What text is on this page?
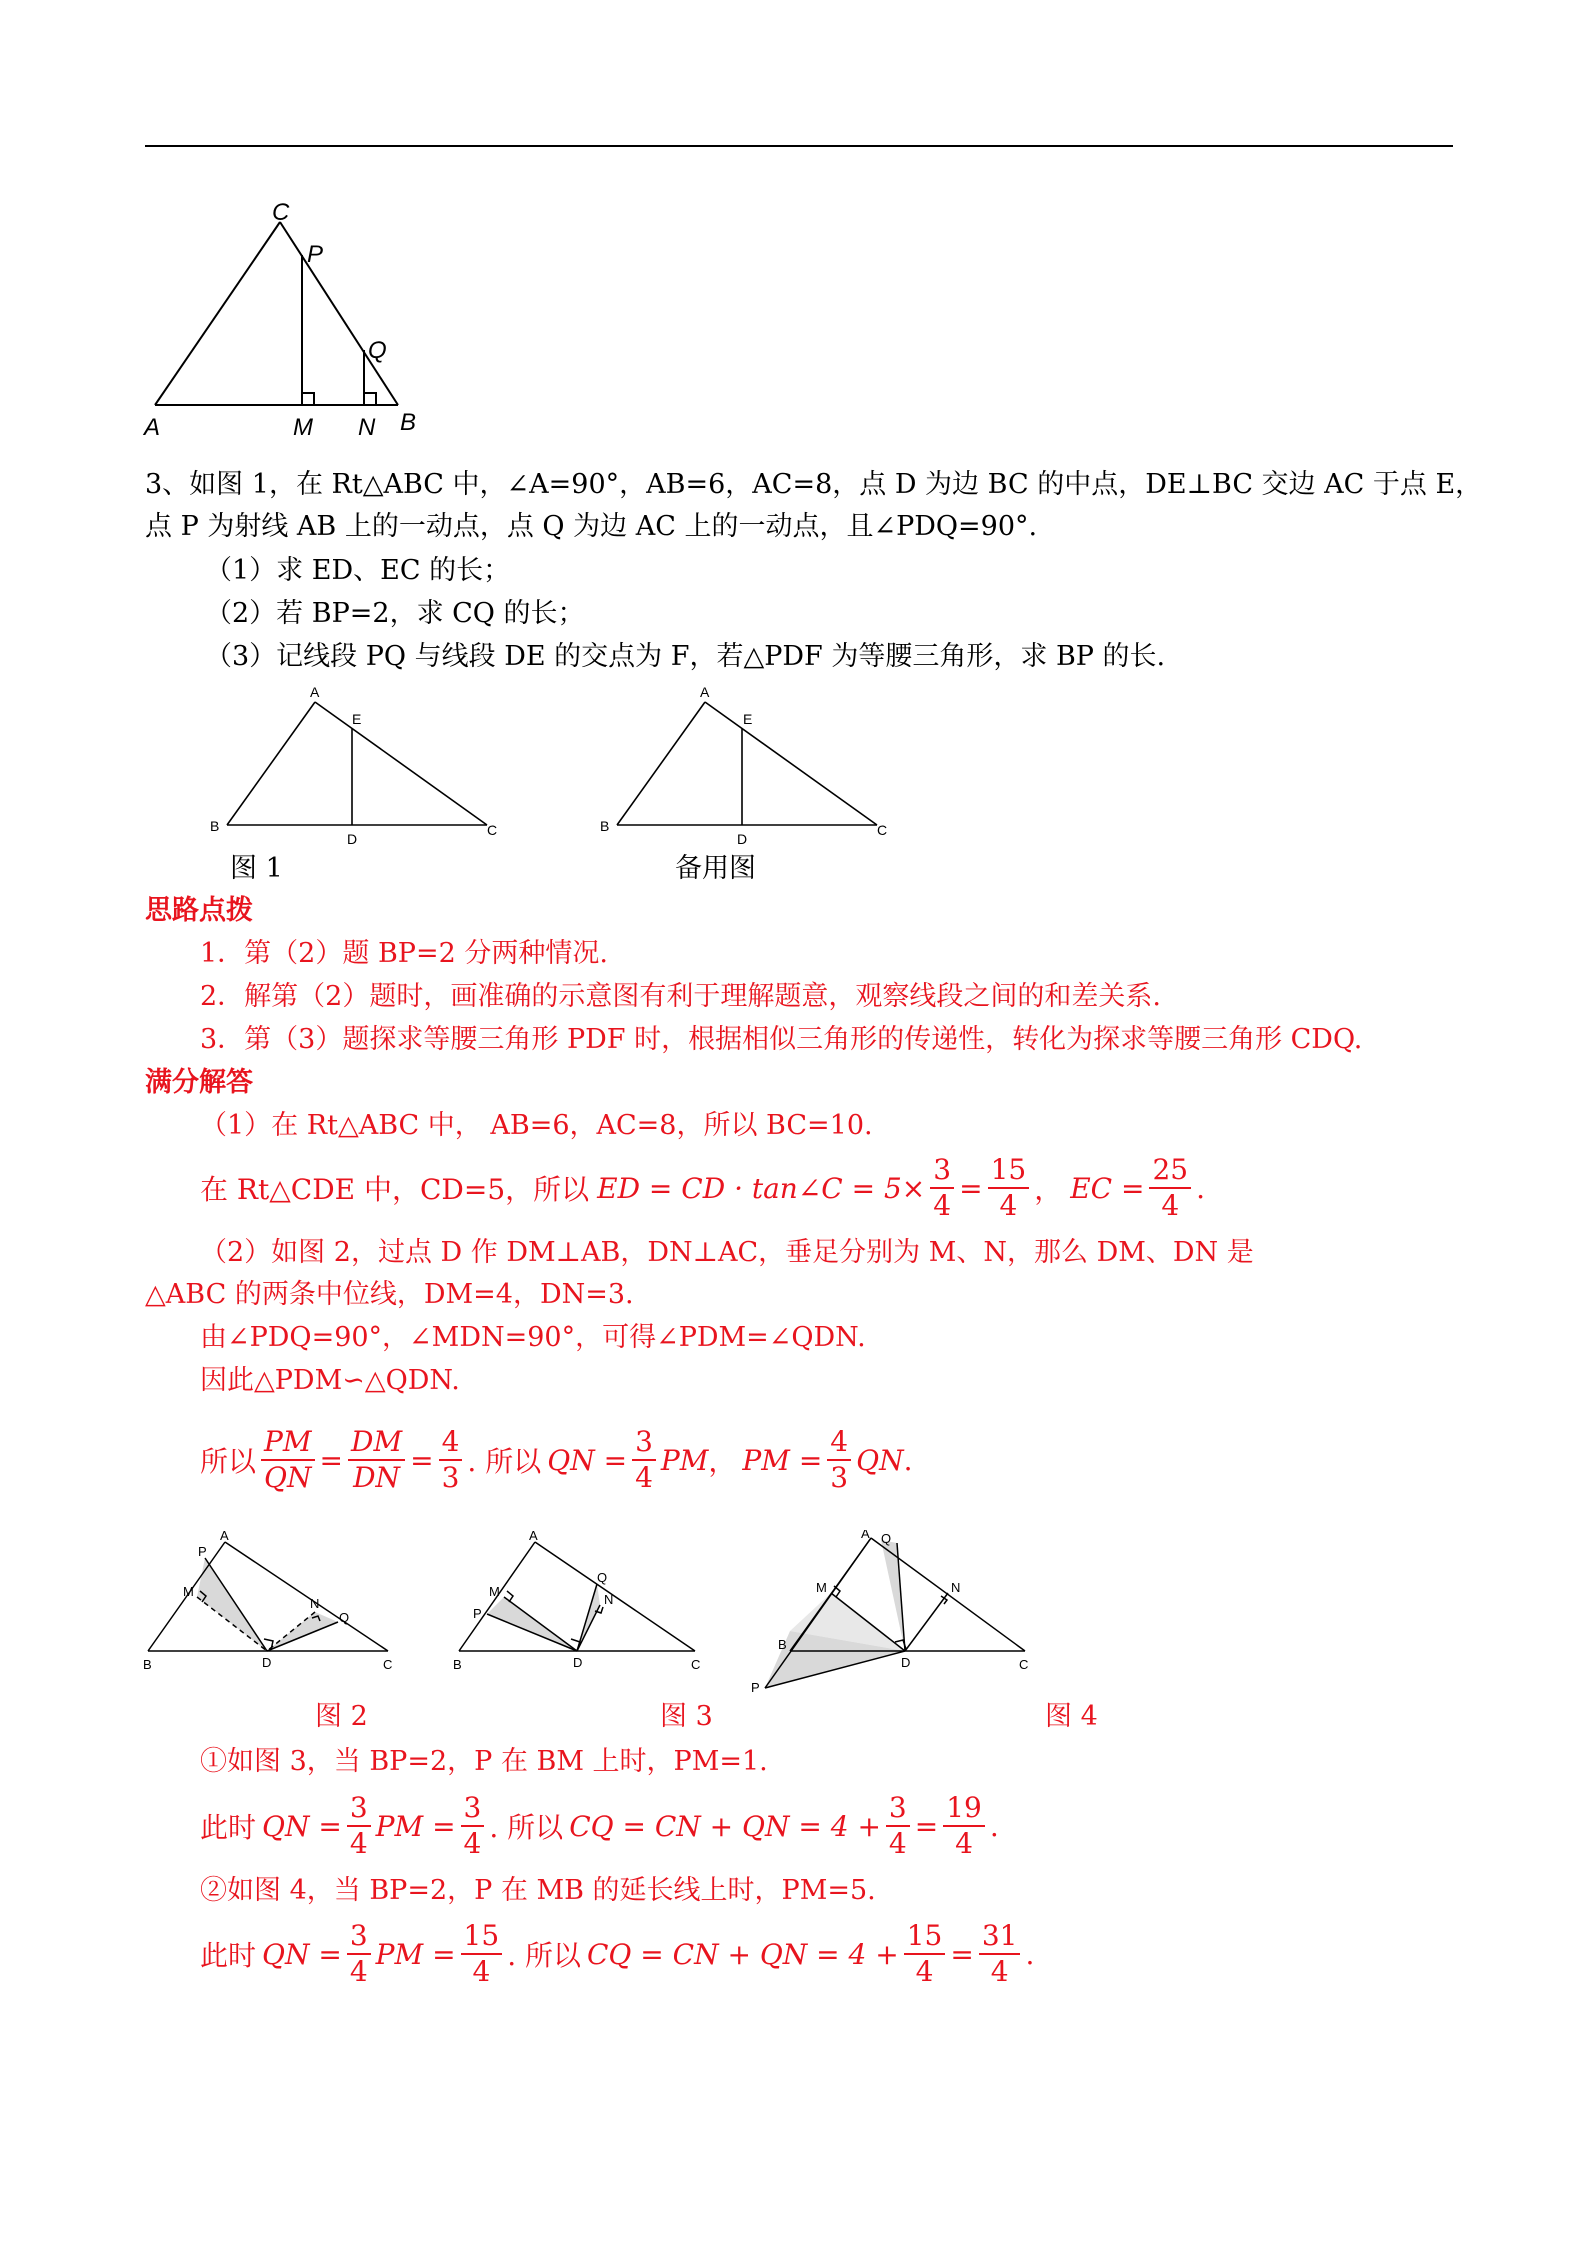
C
P
Q
A	M N B
3、如图 1，在 Rt△ABC 中，∠A=90°，AB=6，AC=8，点 D 为边 BC 的中点，DE⊥BC 交边 AC 于点 E，
点 P 为射线 AB 上的一动点，点 Q 为边 AC 上的一动点，且∠PDQ=90°.
（1）求 ED、EC 的长；
（2）若 BP=2，求 CQ 的长；
（3）记线段 PQ 与线段 DE 的交点为 F，若△PDF 为等腰三角形，求 BP 的长.
A
E
B
D
C
图 1
A
E
B
D
C
备用图
思路点拨
1．第（2）题 BP=2 分两种情况.
2．解第（2）题时，画准确的示意图有利于理解题意，观察线段之间的和差关系.
3．第（3）题探求等腰三角形 PDF 时，根据相似三角形的传递性，转化为探求等腰三角形 CDQ.
满分解答
（1）在 Rt△ABC 中， AB=6，AC=8，所以 BC=10.
在 Rt△CDE 中，CD=5，所以 ED = CD · tan∠C = $5\times \frac{3}{4} = \frac{15}{4}$ ， EC = $\frac{25}{4}$ .
（2）如图 2，过点 D 作 DM⊥AB，DN⊥AC，垂足分别为 M、N，那么 DM、DN 是
△ABC 的两条中位线，DM=4，DN=3.
由∠PDQ=90°，∠MDN=90°，可得∠PDM=∠QDN.
因此△PDM∽△QDN.
所以 $\frac{PM}{QN} = \frac{DM}{DN} = \frac{4}{3}$ . 所以 QN = $\frac{3}{4}$ PM ， PM = $\frac{4}{3}$ QN .
A
P
M
N
Q
B	D	C
图 2
A
Q
M
N
P
B	D	C
图 3
A Q
M	N
B
P
D	C
图 4
①如图 3，当 BP=2，P 在 BM 上时，PM=1.
此时 QN = $\frac{3}{4}$ PM = $\frac{3}{4}$ . 所以 CQ = CN + QN = $4 + \frac{3}{4} = \frac{19}{4}$ .
②如图 4，当 BP=2，P 在 MB 的延长线上时，PM=5.
此时 QN = $\frac{3}{4}$ PM = $\frac{15}{4}$ . 所以 CQ = CN + QN = $4 + \frac{15}{4} = \frac{31}{4}$ .
